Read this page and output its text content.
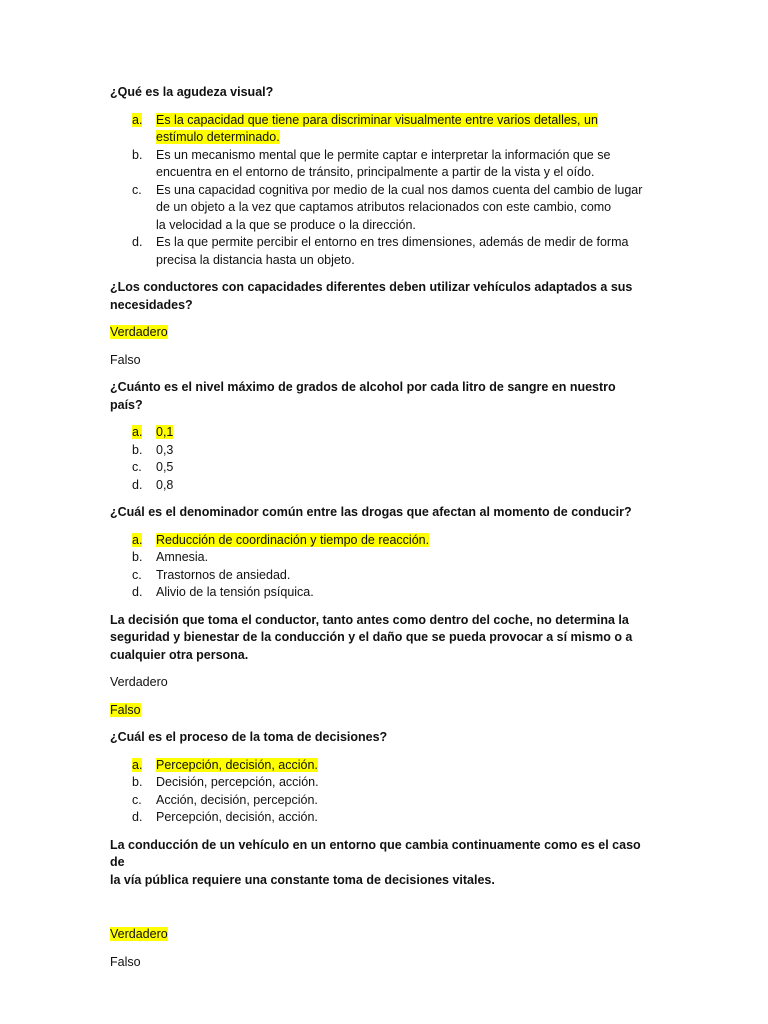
¿Qué es la agudeza visual?

a.	Es la capacidad que tiene para discriminar visualmente entre varios detalles, un
estímulo determinado.
b.	Es un mecanismo mental que le permite captar e interpretar la información que se
encuentra en el entorno de tránsito, principalmente a partir de la vista y el oído.
c.	Es una capacidad cognitiva por medio de la cual nos damos cuenta del cambio de lugar
de un objeto a la vez que captamos atributos relacionados con este cambio, como
la velocidad a la que se produce o la dirección.
d.	Es la que permite percibir el entorno en tres dimensiones, además de medir de forma
precisa la distancia hasta un objeto.

¿Los conductores con capacidades diferentes deben utilizar vehículos adaptados a sus
necesidades?

Verdadero

Falso

¿Cuánto es el nivel máximo de grados de alcohol por cada litro de sangre en nuestro país?

a.	0,1
b.	0,3
c.	0,5
d.	0,8

¿Cuál es el denominador común entre las drogas que afectan al momento de conducir?

a.	Reducción de coordinación y tiempo de reacción.
b.	Amnesia.
c.	Trastornos de ansiedad.
d.	Alivio de la tensión psíquica.

La decisión que toma el conductor, tanto antes como dentro del coche, no determina la
seguridad y bienestar de la conducción y el daño que se pueda provocar a sí mismo o a
cualquier otra persona.

Verdadero

Falso

¿Cuál es el proceso de la toma de decisiones?

a.	Percepción, decisión, acción.
b.	Decisión, percepción, acción.
c.	Acción, decisión, percepción.
d.	Percepción, decisión, acción.

La conducción de un vehículo en un entorno que cambia continuamente como es el caso de
la vía pública requiere una constante toma de decisiones vitales.

Verdadero

Falso
